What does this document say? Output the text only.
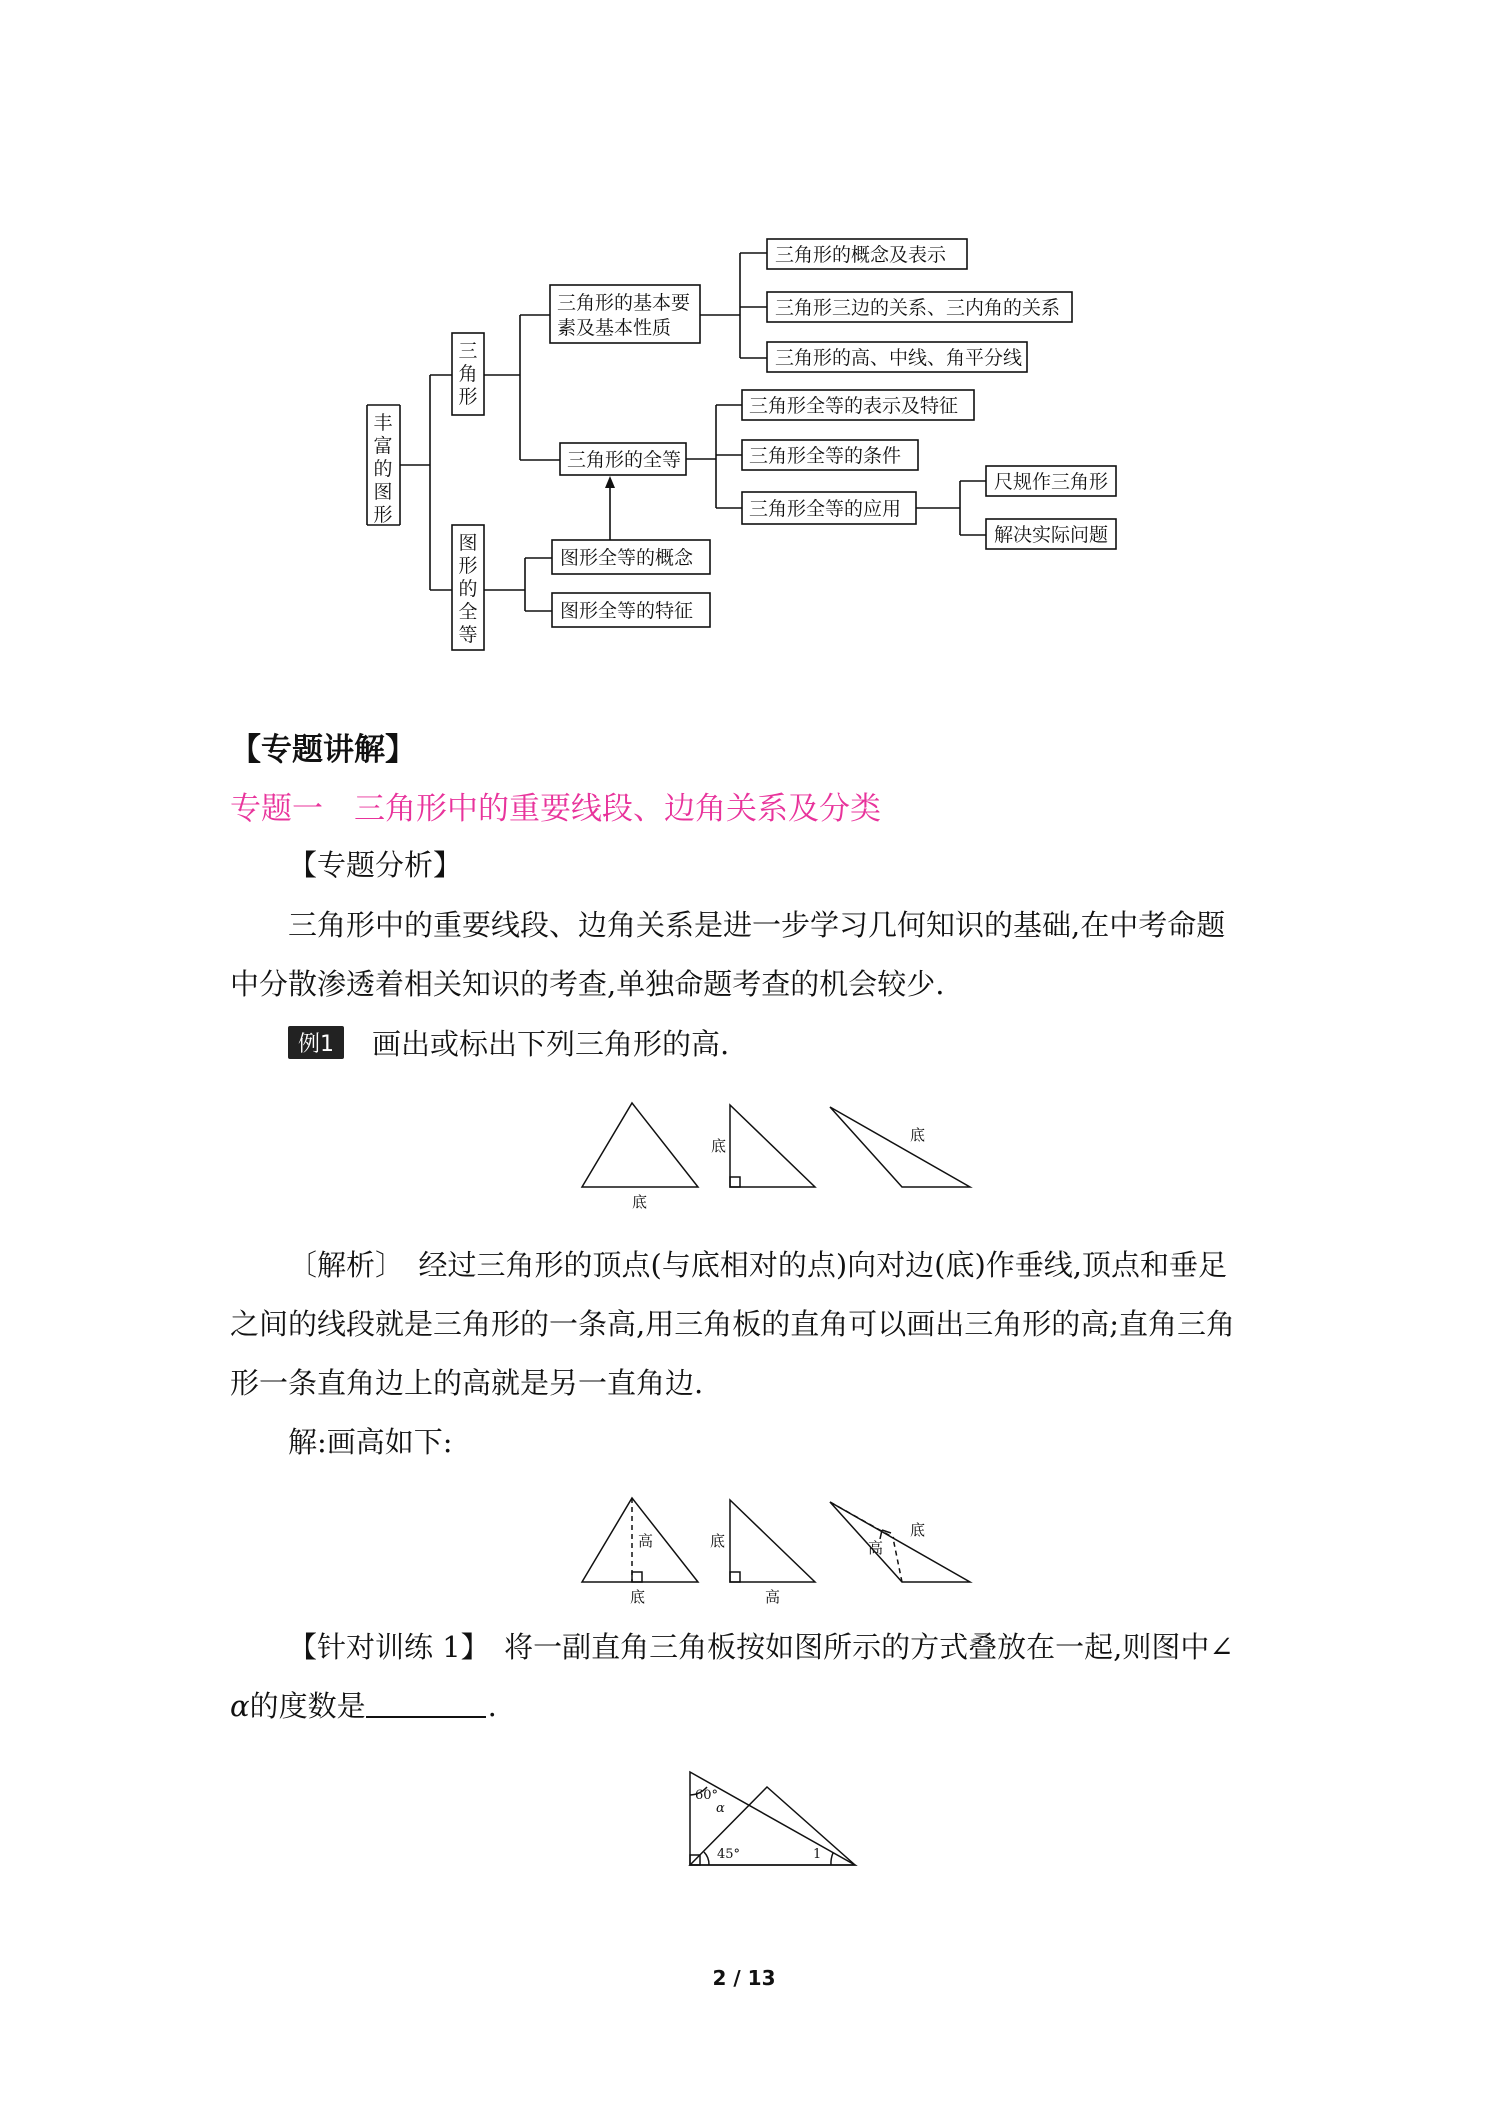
丰
富
的
图
形
三
角
形
图
形
的
全
等
三角形的基本要
素及基本性质
三角形的概念及表示
三角形三边的关系、三内角的关系
三角形的高、中线、角平分线
三角形的全等
三角形全等的表示及特征
三角形全等的条件
三角形全等的应用
尺规作三角形
解决实际问题
图形全等的概念
图形全等的特征
【专题讲解】
专题一　三角形中的重要线段、边角关系及分类
【专题分析】
三角形中的重要线段、边角关系是进一步学习几何知识的基础,在中考命题
中分散渗透着相关知识的考查,单独命题考查的机会较少.
例1 画出或标出下列三角形的高.
底
底
底
〔解析〕　经过三角形的顶点(与底相对的点)向对边(底)作垂线,顶点和垂足
之间的线段就是三角形的一条高,用三角板的直角可以画出三角形的高;直角三角
形一条直角边上的高就是另一直角边.
解:画高如下:
高
底
底
高
底
高
【针对训练 1】　将一副直角三角板按如图所示的方式叠放在一起,则图中∠
α的度数是	.
60°
α
45°	1
2 / 13
